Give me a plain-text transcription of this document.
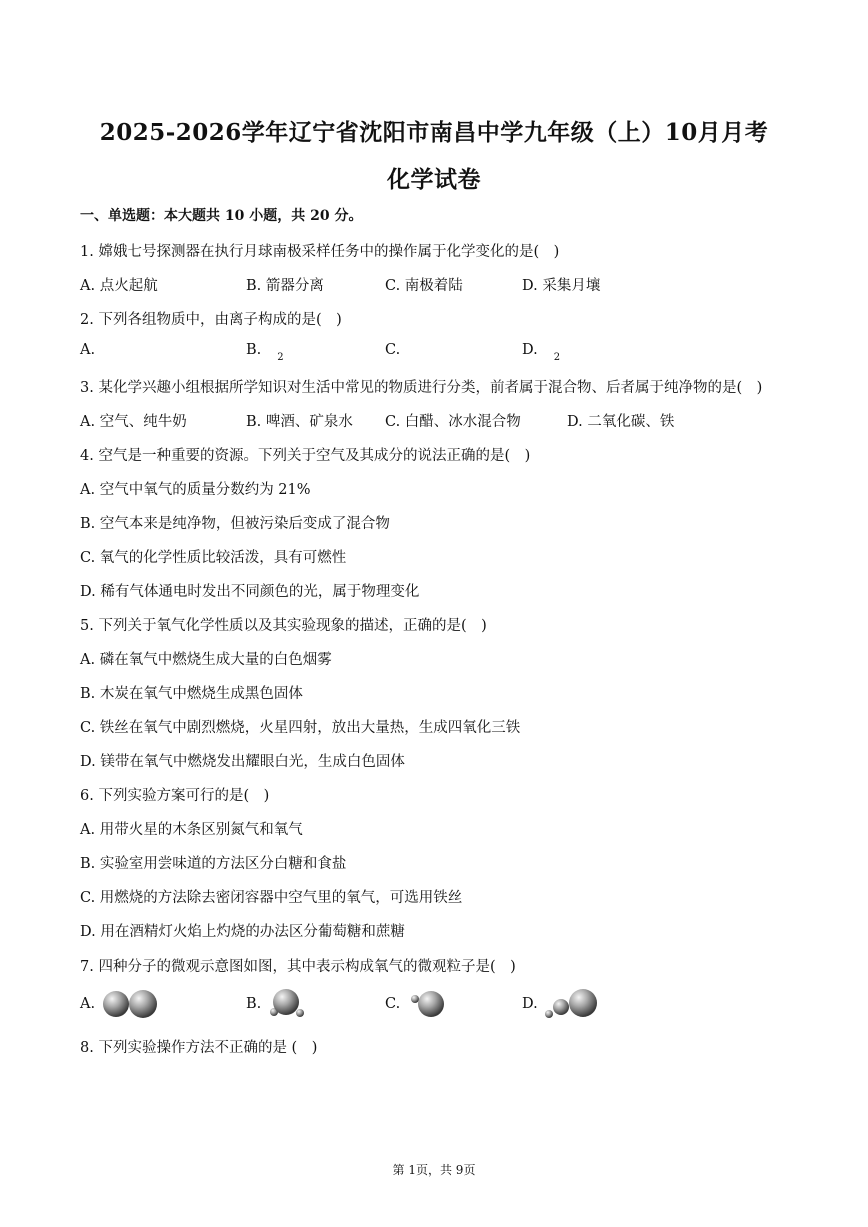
2025-2026学年辽宁省沈阳市南昌中学九年级（上）10月月考
化学试卷
一、单选题：本大题共 10 小题，共 20 分。
1. 嫦娥七号探测器在执行月球南极采样任务中的操作属于化学变化的是(　)
A. 点火起航	B. 箭器分离	C. 南极着陆	D. 采集月壤
2. 下列各组物质中，由离子构成的是(　)
A.	B. $_2$	C.	D. $_2$
3. 某化学兴趣小组根据所学知识对生活中常见的物质进行分类，前者属于混合物、后者属于纯净物的是(　)
A. 空气、纯牛奶	B. 啤酒、矿泉水 C. 白醋、冰水混合物	D. 二氧化碳、铁
4. 空气是一种重要的资源。下列关于空气及其成分的说法正确的是(　)
A. 空气中氧气的质量分数约为 21%
B. 空气本来是纯净物，但被污染后变成了混合物
C. 氧气的化学性质比较活泼，具有可燃性
D. 稀有气体通电时发出不同颜色的光，属于物理变化
5. 下列关于氧气化学性质以及其实验现象的描述，正确的是(　)
A. 磷在氧气中燃烧生成大量的白色烟雾
B. 木炭在氧气中燃烧生成黑色固体
C. 铁丝在氧气中剧烈燃烧，火星四射，放出大量热，生成四氧化三铁
D. 镁带在氧气中燃烧发出耀眼白光，生成白色固体
6. 下列实验方案可行的是(　)
A. 用带火星的木条区别氮气和氧气
B. 实验室用尝味道的方法区分白糖和食盐
C. 用燃烧的方法除去密闭容器中空气里的氧气，可选用铁丝
D. 用在酒精灯火焰上灼烧的办法区分葡萄糖和蔗糖
7. 四种分子的微观示意图如图，其中表示构成氧气的微观粒子是(　)
A.	B.	C.	D.
8. 下列实验操作方法不正确的是 (　)
第 1页，共 9页
